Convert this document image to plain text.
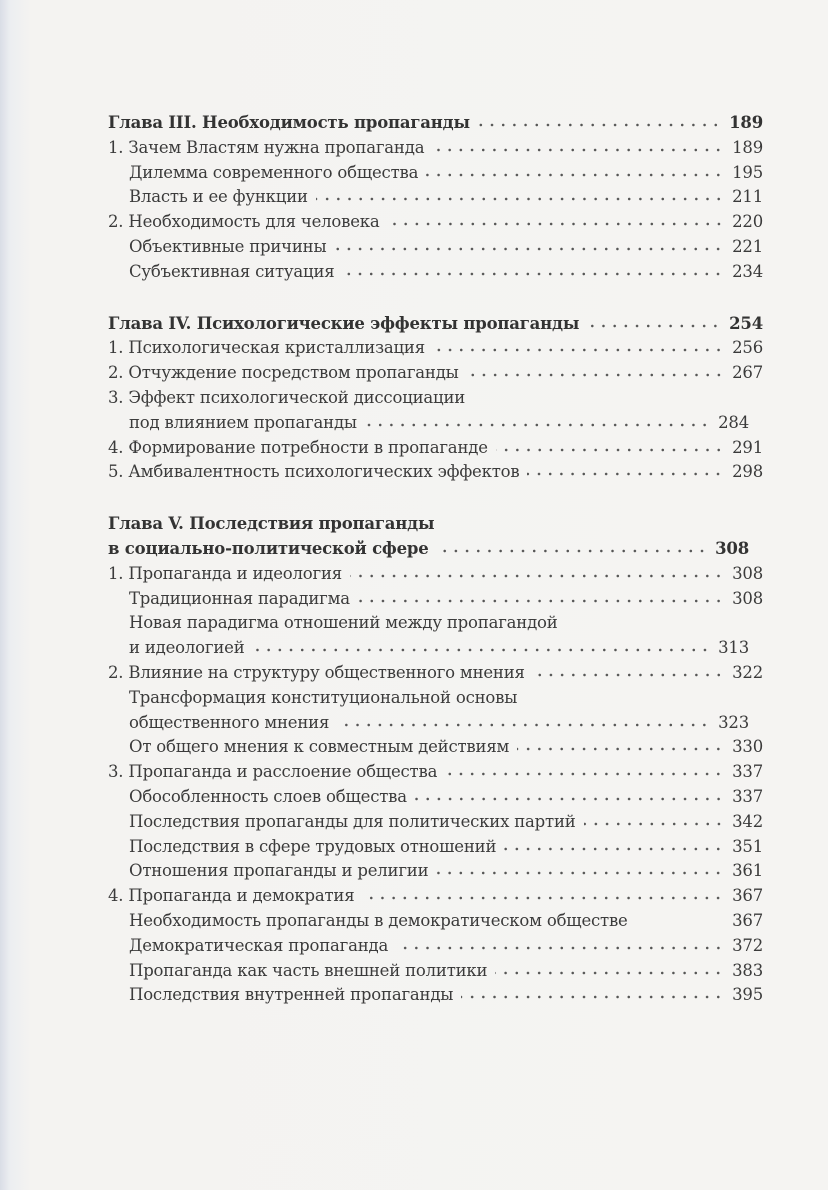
Глава III. Необходимость пропаганды	189
1. Зачем Властям нужна пропаганда	189
Дилемма современного общества	195
Власть и ее функции	211
2. Необходимость для человека	220
Объективные причины	221
Субъективная ситуация	234
Глава IV. Психологические эффекты пропаганды	254
1. Психологическая кристаллизация	256
2. Отчуждение посредством пропаганды	267
3. Эффект психологической диссоциации
под влиянием пропаганды	284
4. Формирование потребности в пропаганде	291
5. Амбивалентность психологических эффектов	298
Глава V. Последствия пропаганды
в социально-политической сфере	308
1. Пропаганда и идеология	308
Традиционная парадигма	308
Новая парадигма отношений между пропагандой
и идеологией	313
2. Влияние на структуру общественного мнения	322
Трансформация конституциональной основы
общественного мнения	323
От общего мнения к совместным действиям	330
3. Пропаганда и расслоение общества	337
Обособленность слоев общества	337
Последствия пропаганды для политических партий	342
Последствия в сфере трудовых отношений	351
Отношения пропаганды и религии	361
4. Пропаганда и демократия	367
Необходимость пропаганды в демократическом обществе	367
Демократическая пропаганда	372
Пропаганда как часть внешней политики	383
Последствия внутренней пропаганды	395
